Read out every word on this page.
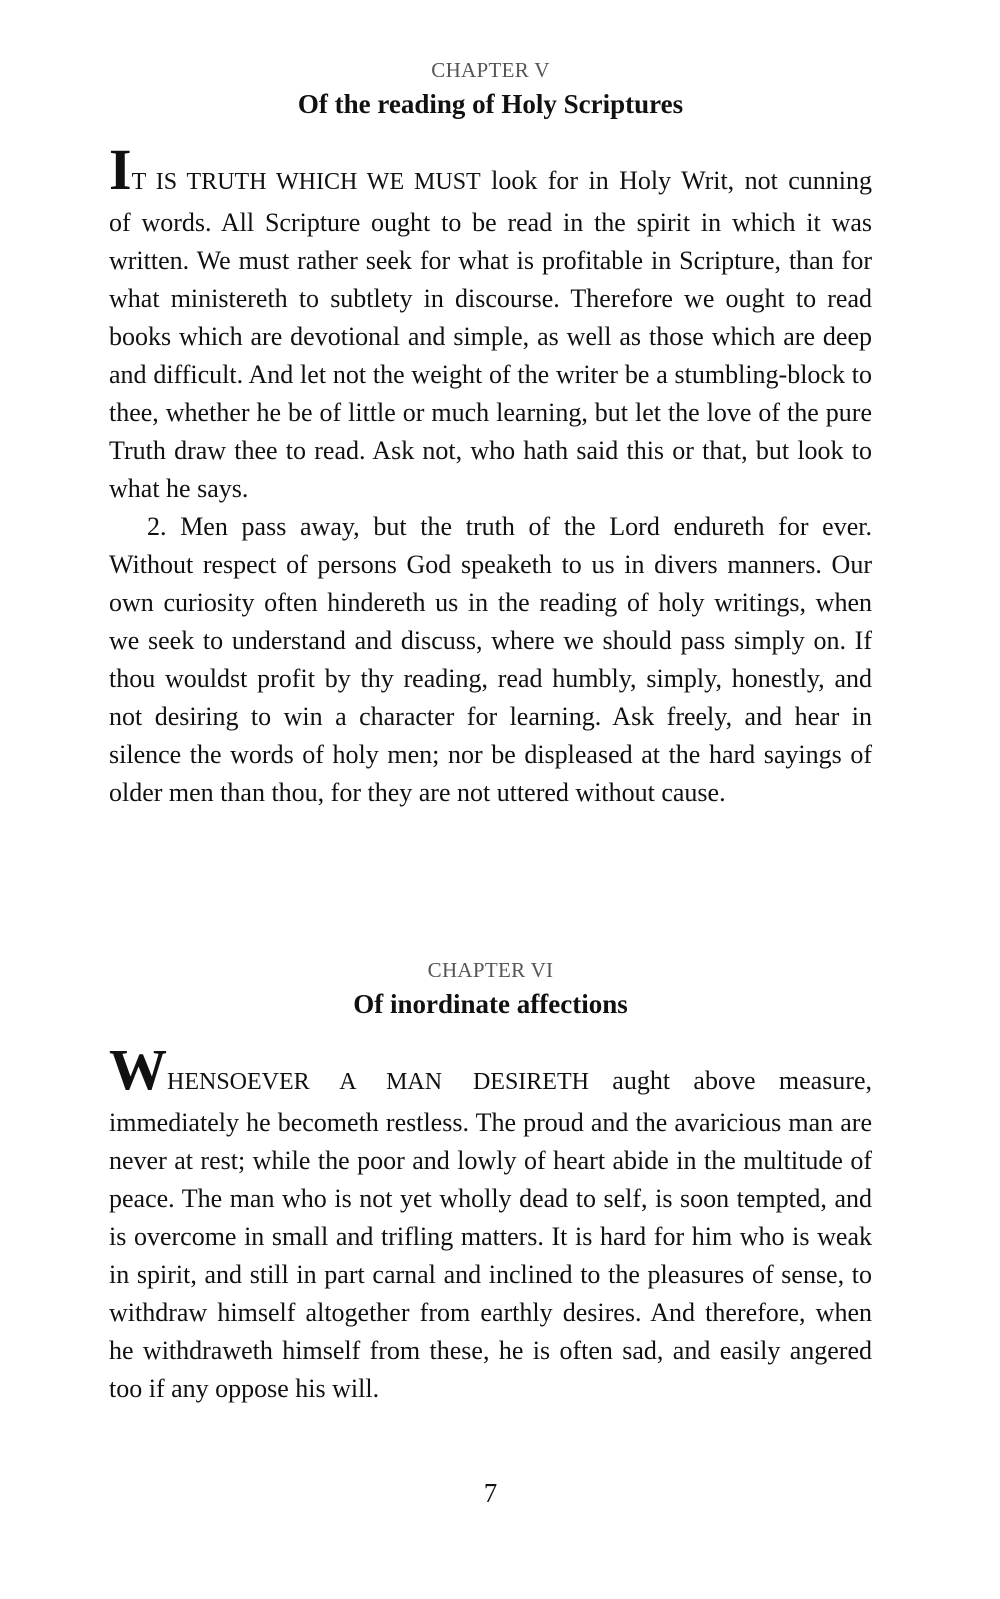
CHAPTER V

Of the reading of Holy Scriptures

IT IS TRUTH WHICH WE MUST look for in Holy Writ, not cunning

of words. All Scripture ought to be read in the spirit in which it was written. We must rather seek for what is profitable in Scripture, than for what ministereth to subtlety in discourse. Therefore we ought to read books which are devotional and simple, as well as those which are deep and difficult. And let not the weight of the writer be a stumbling-block to thee, whether he be of little or much learning, but let the love of the pure Truth draw thee to read. Ask not, who hath said this or that, but look to what he says.

2. Men pass away, but the truth of the Lord endureth for ever. Without respect of persons God speaketh to us in divers manners. Our own curiosity often hindereth us in the reading of holy writings, when we seek to understand and discuss, where we should pass simply on. If thou wouldst profit by thy reading, read humbly, simply, honestly, and not desiring to win a character for learning. Ask freely, and hear in silence the words of holy men; nor be displeased at the hard sayings of older men than thou, for they are not uttered without cause.

CHAPTER VI

Of inordinate affections

WHENSOEVER A MAN DESIRETH aught above measure,

immediately he becometh restless. The proud and the avaricious man are never at rest; while the poor and lowly of heart abide in the multitude of peace. The man who is not yet wholly dead to self, is soon tempted, and is overcome in small and trifling matters. It is hard for him who is weak in spirit, and still in part carnal and inclined to the pleasures of sense, to withdraw himself altogether from earthly desires. And therefore, when he withdraweth himself from these, he is often sad, and easily angered too if any oppose his will.

7
